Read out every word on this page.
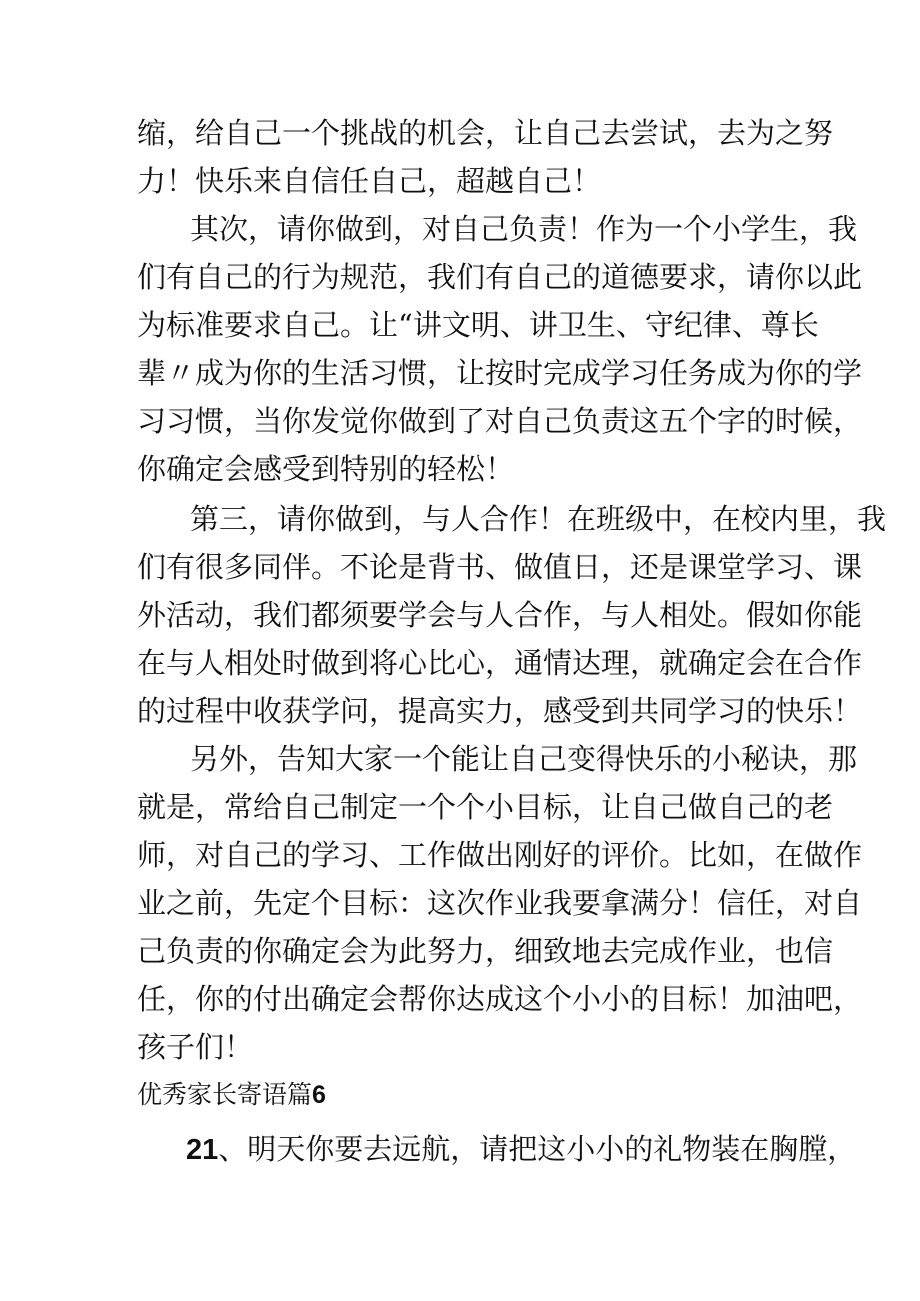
缩，给自己一个挑战的机会，让自己去尝试，去为之努
力！快乐来自信任自己，超越自己！
其次，请你做到，对自己负责！作为一个小学生，我
们有自己的行为规范，我们有自己的道德要求，请你以此
为标准要求自己。让“讲文明、讲卫生、守纪律、尊长
辈〃成为你的生活习惯，让按时完成学习任务成为你的学
习习惯，当你发觉你做到了对自己负责这五个字的时候，
你确定会感受到特别的轻松！
第三，请你做到，与人合作！在班级中，在校内里，我
们有很多同伴。不论是背书、做值日，还是课堂学习、课
外活动，我们都须要学会与人合作，与人相处。假如你能
在与人相处时做到将心比心，通情达理，就确定会在合作
的过程中收获学问，提高实力，感受到共同学习的快乐！
另外，告知大家一个能让自己变得快乐的小秘诀，那
就是，常给自己制定一个个小目标，让自己做自己的老
师，对自己的学习、工作做出刚好的评价。比如，在做作
业之前，先定个目标：这次作业我要拿满分！信任，对自
己负责的你确定会为此努力，细致地去完成作业，也信
任，你的付出确定会帮你达成这个小小的目标！加油吧，
孩子们！
优秀家长寄语篇6
21、明天你要去远航，请把这小小的礼物装在胸膛，
